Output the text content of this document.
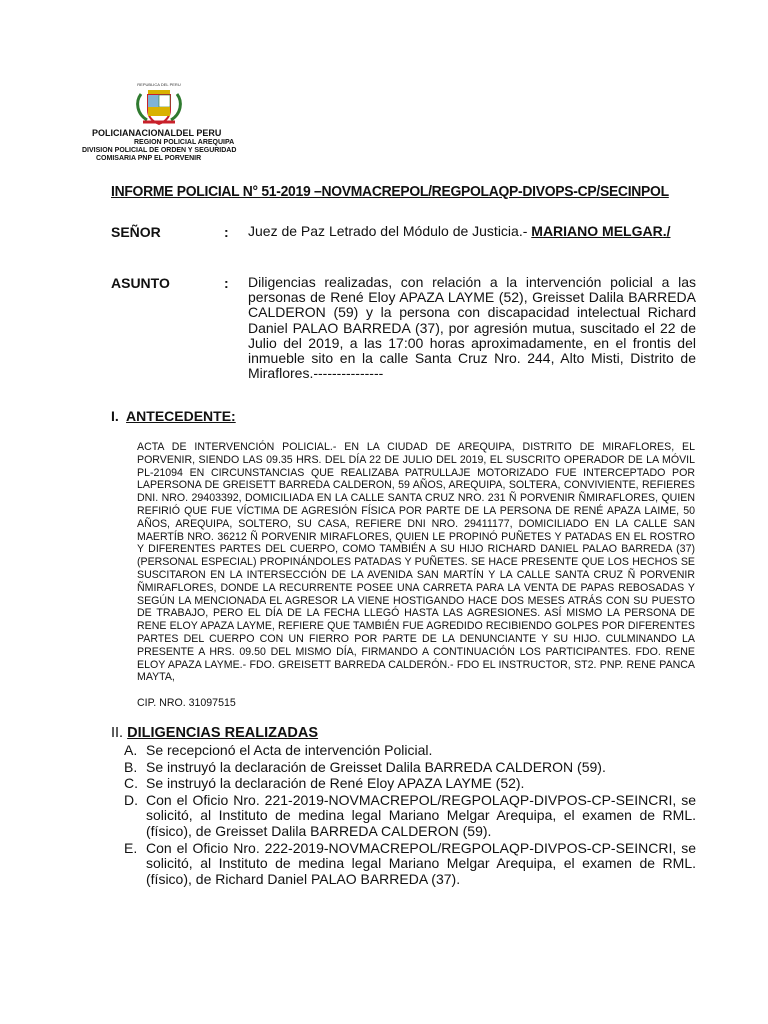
REPUBLICA DEL PERU
POLICIANACIONALDEL PERU
REGION POLICIAL AREQUIPA
DIVISION POLICIAL DE ORDEN Y SEGURIDAD
COMISARIA PNP EL PORVENIR
INFORME POLICIAL N° 51-2019 –NOVMACREPOL/REGPOLAQP-DIVOPS-CP/SECINPOL
SEÑOR	: Juez de Paz Letrado del Módulo de Justicia.- MARIANO MELGAR./
ASUNTO	: Diligencias realizadas, con relación a la intervención policial a las personas de René Eloy APAZA LAYME (52), Greisset Dalila BARREDA CALDERON (59) y la persona con discapacidad intelectual Richard Daniel PALAO BARREDA (37), por agresión mutua, suscitado el 22 de Julio del 2019, a las 17:00 horas aproximadamente, en el frontis del inmueble sito en la calle Santa Cruz Nro. 244, Alto Misti, Distrito de Miraflores.---------------
I. ANTECEDENTE:
ACTA DE INTERVENCIÓN POLICIAL.- EN LA CIUDAD DE AREQUIPA, DISTRITO DE MIRAFLORES, EL PORVENIR, SIENDO LAS 09.35 HRS. DEL DÍA 22 DE JULIO DEL 2019, EL SUSCRITO OPERADOR DE LA MÓVIL PL-21094 EN CIRCUNSTANCIAS QUE REALIZABA PATRULLAJE MOTORIZADO FUE INTERCEPTADO POR LAPERSONA DE GREISETT BARREDA CALDERON, 59 AÑOS, AREQUIPA, SOLTERA, CONVIVIENTE, REFIERES DNI. NRO. 29403392, DOMICILIADA EN LA CALLE SANTA CRUZ NRO. 231 Ñ PORVENIR ÑMIRAFLORES, QUIEN REFIRIÓ QUE FUE VÍCTIMA DE AGRESIÓN FÍSICA POR PARTE DE LA PERSONA DE RENÉ APAZA LAIME, 50 AÑOS, AREQUIPA, SOLTERO, SU CASA, REFIERE DNI NRO. 29411177, DOMICILIADO EN LA CALLE SAN MAERTÍB NRO. 36212 Ñ PORVENIR MIRAFLORES, QUIEN LE PROPINÓ PUÑETES Y PATADAS EN EL ROSTRO Y DIFERENTES PARTES DEL CUERPO, COMO TAMBIÉN A SU HIJO RICHARD DANIEL PALAO BARREDA (37) (PERSONAL ESPECIAL) PROPINÁNDOLES PATADAS Y PUÑETES. SE HACE PRESENTE QUE LOS HECHOS SE SUSCITARON EN LA INTERSECCIÓN DE LA AVENIDA SAN MARTÍN Y LA CALLE SANTA CRUZ Ñ PORVENIR ÑMIRAFLORES, DONDE LA RECURRENTE POSEE UNA CARRETA PARA LA VENTA DE PAPAS REBOSADAS Y SEGÚN LA MENCIONADA EL AGRESOR LA VIENE HOSTIGANDO HACE DOS MESES ATRÁS CON SU PUESTO DE TRABAJO, PERO EL DÍA DE LA FECHA LLEGÓ HASTA LAS AGRESIONES. ASÍ MISMO LA PERSONA DE RENE ELOY APAZA LAYME, REFIERE QUE TAMBIÉN FUE AGREDIDO RECIBIENDO GOLPES POR DIFERENTES PARTES DEL CUERPO CON UN FIERRO POR PARTE DE LA DENUNCIANTE Y SU HIJO. CULMINANDO LA PRESENTE A HRS. 09.50 DEL MISMO DÍA, FIRMANDO A CONTINUACIÓN LOS PARTICIPANTES. FDO. RENE ELOY APAZA LAYME.- FDO. GREISETT BARREDA CALDERÓN.- FDO EL INSTRUCTOR, ST2. PNP. RENE PANCA MAYTA,
CIP. NRO. 31097515
II. DILIGENCIAS REALIZADAS
A. Se recepcionó el Acta de intervención Policial.
B. Se instruyó la declaración de Greisset Dalila BARREDA CALDERON (59).
C. Se instruyó la declaración de René Eloy APAZA LAYME (52).
D. Con el Oficio Nro. 221-2019-NOVMACREPOL/REGPOLAQP-DIVPOS-CP-SEINCRI, se solicitó, al Instituto de medina legal Mariano Melgar Arequipa, el examen de RML. (físico), de Greisset Dalila BARREDA CALDERON (59).
E. Con el Oficio Nro. 222-2019-NOVMACREPOL/REGPOLAQP-DIVPOS-CP-SEINCRI, se solicitó, al Instituto de medina legal Mariano Melgar Arequipa, el examen de RML. (físico), de Richard Daniel PALAO BARREDA (37).
